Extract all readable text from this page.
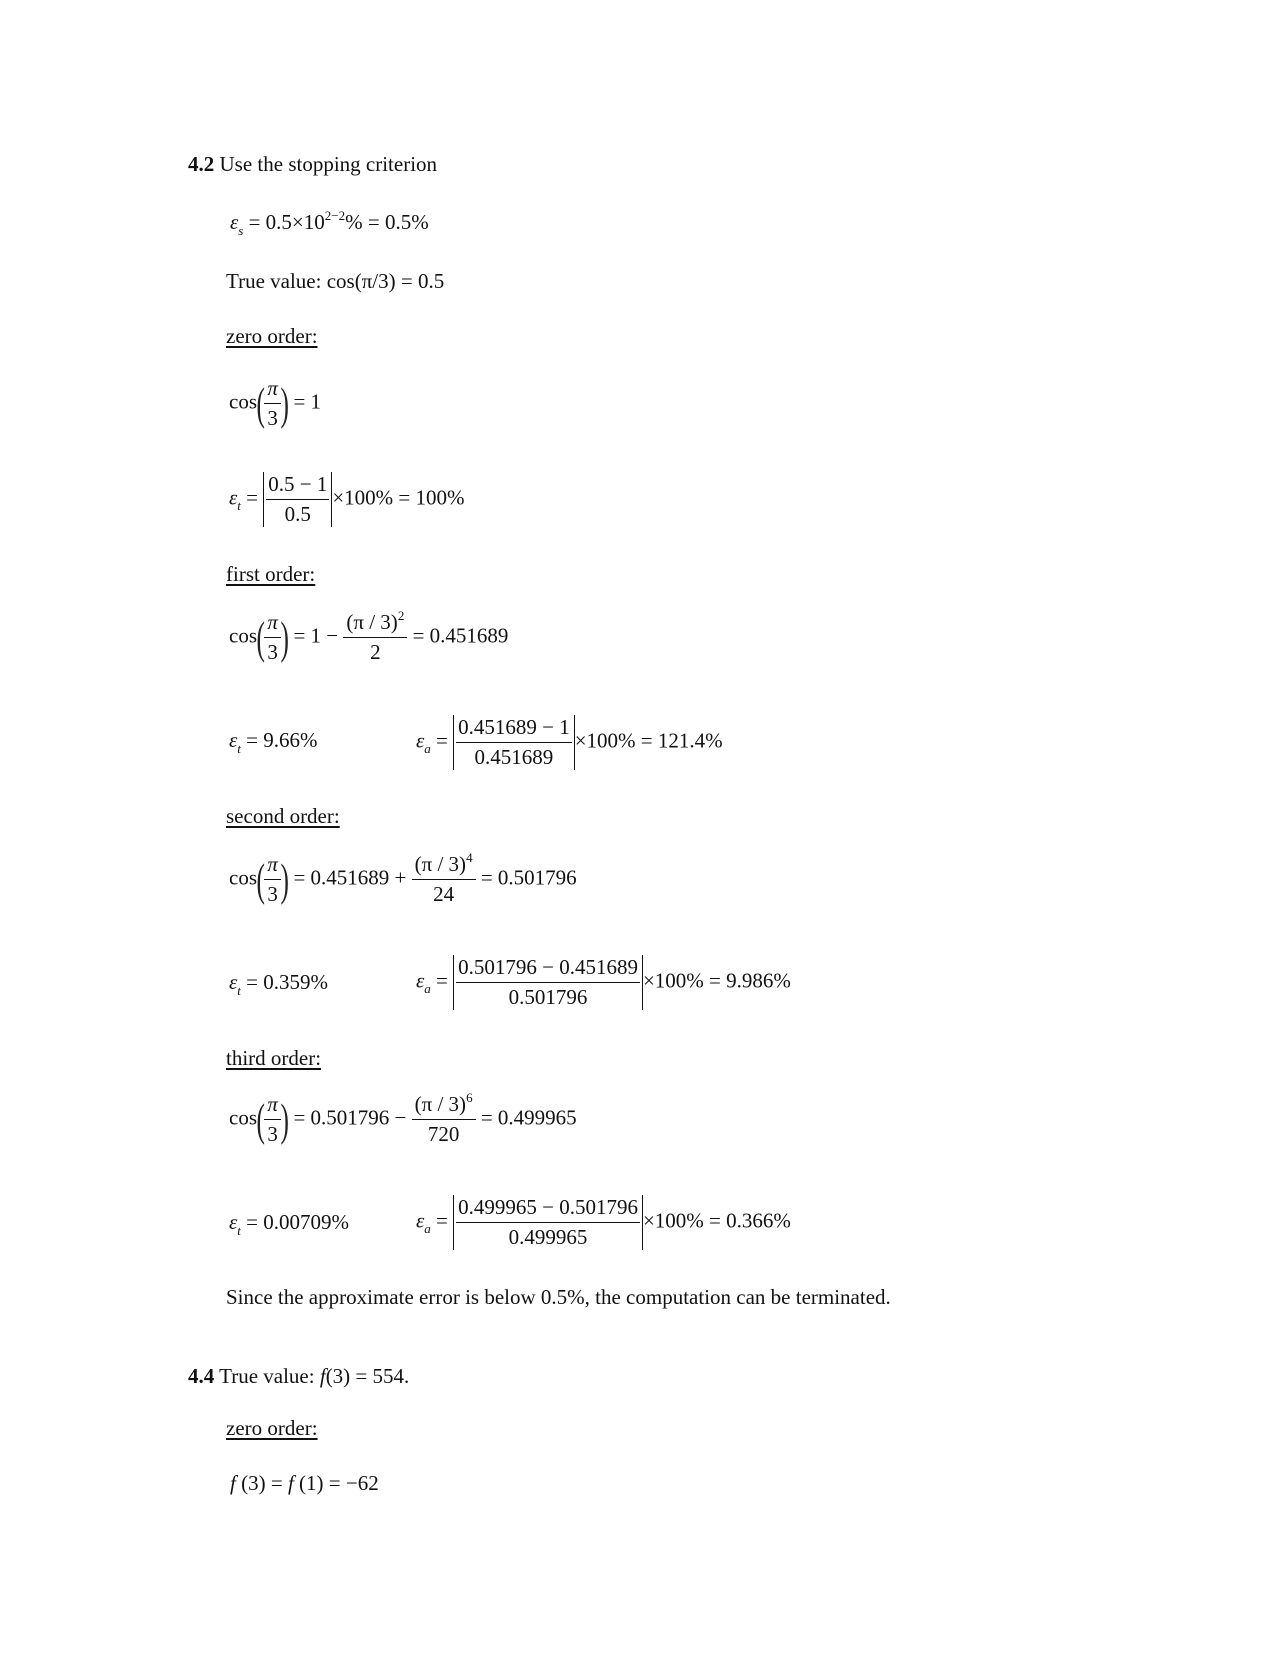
4.2 Use the stopping criterion
$\varepsilon_s = 0.5\times 10^{2-2}\% = 0.5\%$
True value: cos(π/3) = 0.5
zero order:
$\cos( \frac{\pi}{3}$ ) = 1
$\varepsilon_t = \frac{0.5 - 1}{0.5} \times 100\% = 100\%$
first order:
$\cos( \frac{\pi}{3}$ ) = $1 - \frac{(\pi / 3)^2}{2} = 0.451689$
$\varepsilon_t = 9.66\%$	$\varepsilon_a = \frac{0.451689 - 1}{0.451689} \times 100\% = 121.4\%$
second order:
$\cos( \frac{\pi}{3}$ ) = $0.451689 + \frac{(\pi / 3)^4}{24} = 0.501796$
$\varepsilon_t = 0.359\%$	$\varepsilon_a = \frac{0.501796 - 0.451689}{0.501796} \times 100\% = 9.986\%$
third order:
$\cos( \frac{\pi}{3}$ ) = $0.501796 - \frac{(\pi / 3)^6}{720} = 0.499965$
$\varepsilon_t = 0.00709\%$	$\varepsilon_a = \frac{0.499965 - 0.501796}{0.499965} \times 100\% = 0.366\%$
Since the approximate error is below 0.5%, the computation can be terminated.
4.4 True value: f(3) = 554.
zero order:
f (3) = f (1) = −62
